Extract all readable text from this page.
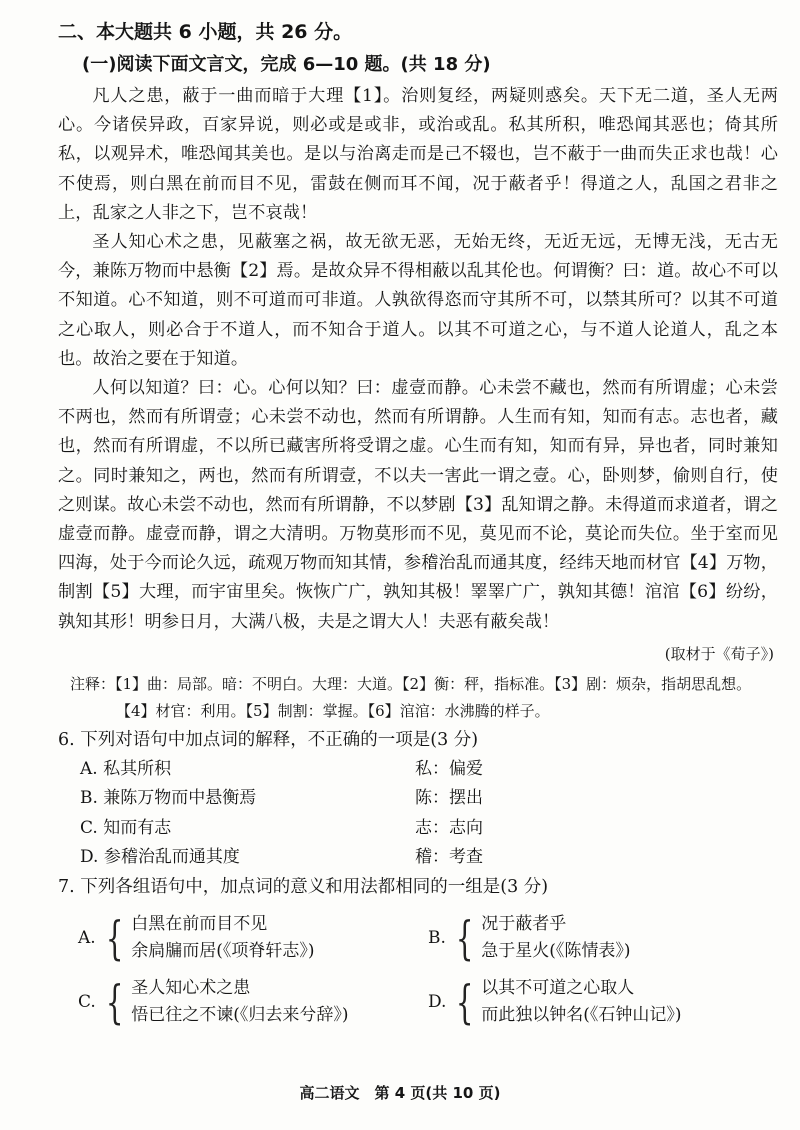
二、本大题共 6 小题，共 26 分。

(一)阅读下面文言文，完成 6—10 题。(共 18 分)

凡人之患，蔽于一曲而暗于大理【1】。治则复经，两疑则惑矣。天下无二道，圣人无两心。今诸侯异政，百家异说，则必或是或非，或治或乱。私其所积，唯恐闻其恶也；倚其所私，以观异术，唯恐闻其美也。是以与治离走而是己不辍也，岂不蔽于一曲而失正求也哉！心不使焉，则白黑在前而目不见，雷鼓在侧而耳不闻，况于蔽者乎！得道之人，乱国之君非之上，乱家之人非之下，岂不哀哉！

圣人知心术之患，见蔽塞之祸，故无欲无恶，无始无终，无近无远，无博无浅，无古无今，兼陈万物而中悬衡【2】焉。是故众异不得相蔽以乱其伦也。何谓衡？曰：道。故心不可以不知道。心不知道，则不可道而可非道。人孰欲得恣而守其所不可，以禁其所可？以其不可道之心取人，则必合于不道人，而不知合于道人。以其不可道之心，与不道人论道人，乱之本也。故治之要在于知道。

人何以知道？曰：心。心何以知？曰：虚壹而静。心未尝不藏也，然而有所谓虚；心未尝不两也，然而有所谓壹；心未尝不动也，然而有所谓静。人生而有知，知而有志。志也者，藏也，然而有所谓虚，不以所已藏害所将受谓之虚。心生而有知，知而有异，异也者，同时兼知之。同时兼知之，两也，然而有所谓壹，不以夫一害此一谓之壹。心，卧则梦，偷则自行，使之则谋。故心未尝不动也，然而有所谓静，不以梦剧【3】乱知谓之静。未得道而求道者，谓之虚壹而静。虚壹而静，谓之大清明。万物莫形而不见，莫见而不论，莫论而失位。坐于室而见四海，处于今而论久远，疏观万物而知其情，参稽治乱而通其度，经纬天地而材官【4】万物，制割【5】大理，而宇宙里矣。恢恢广广，孰知其极！睪睪广广，孰知其德！涫涫【6】纷纷，孰知其形！明参日月，大满八极，夫是之谓大人！夫恶有蔽矣哉！

(取材于《荀子》)

注释：【1】曲：局部。暗：不明白。大理：大道。【2】衡：秤，指标准。【3】剧：烦杂，指胡思乱想。
【4】材官：利用。【5】制割：掌握。【6】涫涫：水沸腾的样子。

6. 下列对语句中加点词的解释，不正确的一项是(3 分)

A. 私其所积	私：偏爱
B. 兼陈万物而中悬衡焉	陈：摆出
C. 知而有志	志：志向
D. 参稽治乱而通其度	稽：考查

7. 下列各组语句中，加点词的意义和用法都相同的一组是(3 分)

A. { 白黑在前而目不见
余扃牖而居(《项脊轩志》)
B. { 况于蔽者乎
急于星火(《陈情表》)
C. { 圣人知心术之患
悟已往之不谏(《归去来兮辞》)
D. { 以其不可道之心取人
而此独以钟名(《石钟山记》)
高二语文　第 4 页(共 10 页)
